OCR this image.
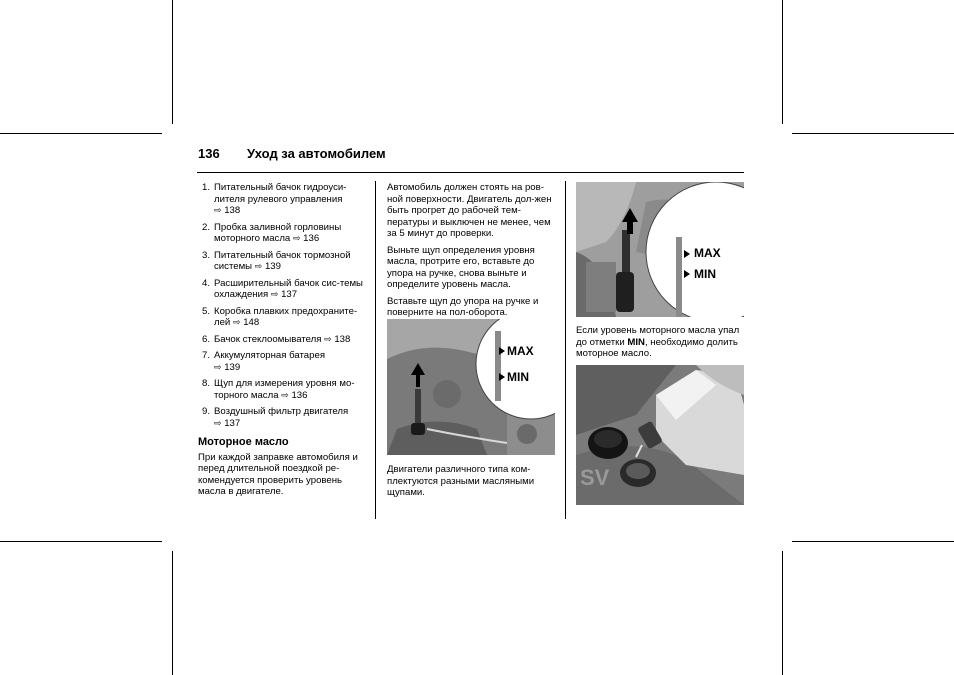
136 Уход за автомобилем
1. Питательный бачок гидроуси-лителя рулевого управления
⇨ 138
2. Пробка заливной горловины моторного масла ⇨ 136
3. Питательный бачок тормозной системы ⇨ 139
4. Расширительный бачок сис-темы охлаждения ⇨ 137
5. Коробка плавких предохраните-лей ⇨ 148
6. Бачок стеклоомывателя ⇨ 138
7. Аккумуляторная батарея
⇨ 139
8. Щуп для измерения уровня мо-торного масла ⇨ 136
9. Воздушный фильтр двигателя
⇨ 137
Моторное масло
При каждой заправке автомобиля и перед длительной поездкой ре-комендуется проверить уровень масла в двигателе.

Автомобиль должен стоять на ров-ной поверхности. Двигатель дол-жен быть прогрет до рабочей тем-пературы и выключен не менее, чем за 5 минут до проверки.

Выньте щуп определения уровня масла, протрите его, вставьте до упора на ручке, снова выньте и определите уровень масла.

Вставьте щуп до упора на ручке и поверните на пол-оборота.

MAX
MIN
Двигатели различного типа ком-плектуются разными масляными щупами.
MAX
MIN
Если уровень моторного масла упал до отметки MIN, необходимо долить моторное масло.
SV
